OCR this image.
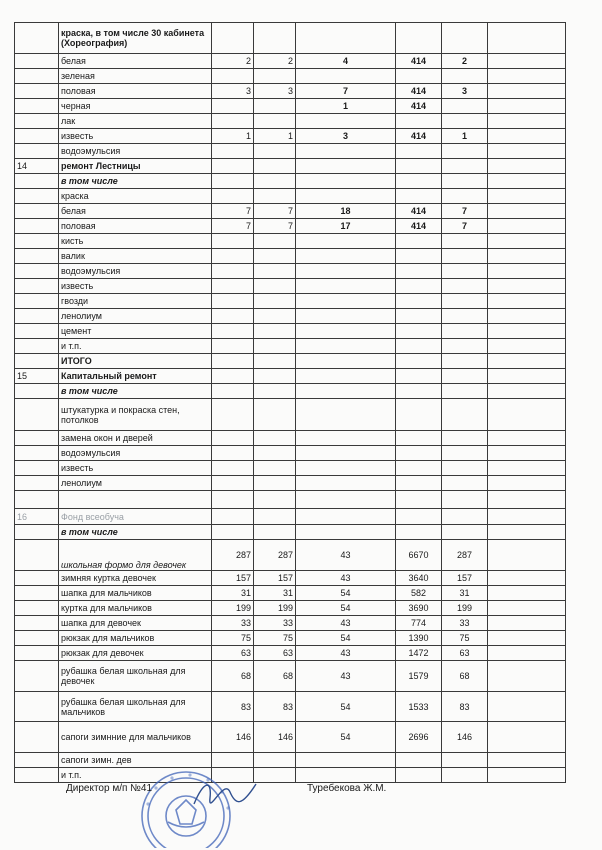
	краска, в том числе 30 кабинета (Хореография)						
	белая	2	2	4	414	2	
	зеленая						
	половая	3	3	7	414	3	
	черная			1	414		
	лак						
	известь	1	1	3	414	1	
	водоэмульсия						
14	ремонт Лестницы						
	в том числе						
	краска						
	белая	7	7	18	414	7	
	половая	7	7	17	414	7	
	кисть						
	валик						
	водоэмульсия						
	известь						
	гвозди						
	ленолиум						
	цемент						
	и т.п.						
	ИТОГО						
15	Капитальный ремонт						
	в том числе						
	штукатурка и покраска стен, потолков						
	замена окон и дверей						
	водоэмульсия						
	известь						
	ленолиум						

16	Фонд всеобуча						
	в том числе						
	школьная формо для девочек	287	287	43	6670	287	
	зимняя куртка девочек	157	157	43	3640	157	
	шапка для мальчиков	31	31	54	582	31	
	куртка для мальчиков	199	199	54	3690	199	
	шапка для девочек	33	33	43	774	33	
	рюкзак для мальчиков	75	75	54	1390	75	
	рюкзак для девочек	63	63	43	1472	63	
	рубашка белая школьная для девочек	68	68	43	1579	68	
	рубашка белая школьная для мальчиков	83	83	54	1533	83	
	сапоги зимнние для мальчиков	146	146	54	2696	146	
	сапоги зимн. дев						
	и т.п.						
Директор м/п №41	Туребекова Ж.М.
